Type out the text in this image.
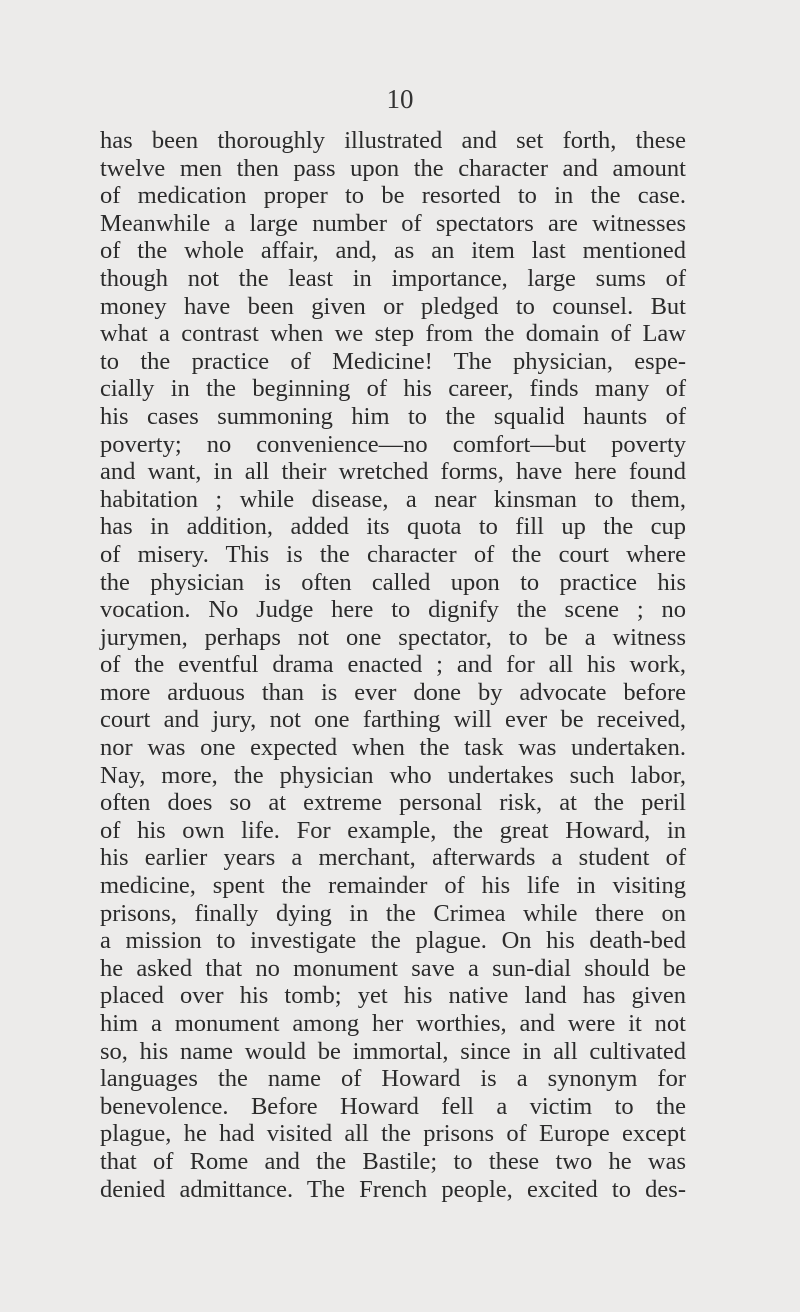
10
has been thoroughly illustrated and set forth, these
twelve men then pass upon the character and amount
of medication proper to be resorted to in the case.
Meanwhile a large number of spectators are witnesses
of the whole affair, and, as an item last mentioned
though not the least in importance, large sums of
money have been given or pledged to counsel. But
what a contrast when we step from the domain of Law
to the practice of Medicine! The physician, espe-
cially in the beginning of his career, finds many of
his cases summoning him to the squalid haunts of
poverty; no convenience—no comfort—but poverty
and want, in all their wretched forms, have here found
habitation ; while disease, a near kinsman to them,
has in addition, added its quota to fill up the cup
of misery. This is the character of the court where
the physician is often called upon to practice his
vocation. No Judge here to dignify the scene ; no
jurymen, perhaps not one spectator, to be a witness
of the eventful drama enacted ; and for all his work,
more arduous than is ever done by advocate before
court and jury, not one farthing will ever be received,
nor was one expected when the task was undertaken.
Nay, more, the physician who undertakes such labor,
often does so at extreme personal risk, at the peril
of his own life. For example, the great Howard, in
his earlier years a merchant, afterwards a student of
medicine, spent the remainder of his life in visiting
prisons, finally dying in the Crimea while there on
a mission to investigate the plague. On his death-bed
he asked that no monument save a sun-dial should be
placed over his tomb; yet his native land has given
him a monument among her worthies, and were it not
so, his name would be immortal, since in all cultivated
languages the name of Howard is a synonym for
benevolence. Before Howard fell a victim to the
plague, he had visited all the prisons of Europe except
that of Rome and the Bastile; to these two he was
denied admittance. The French people, excited to des-
